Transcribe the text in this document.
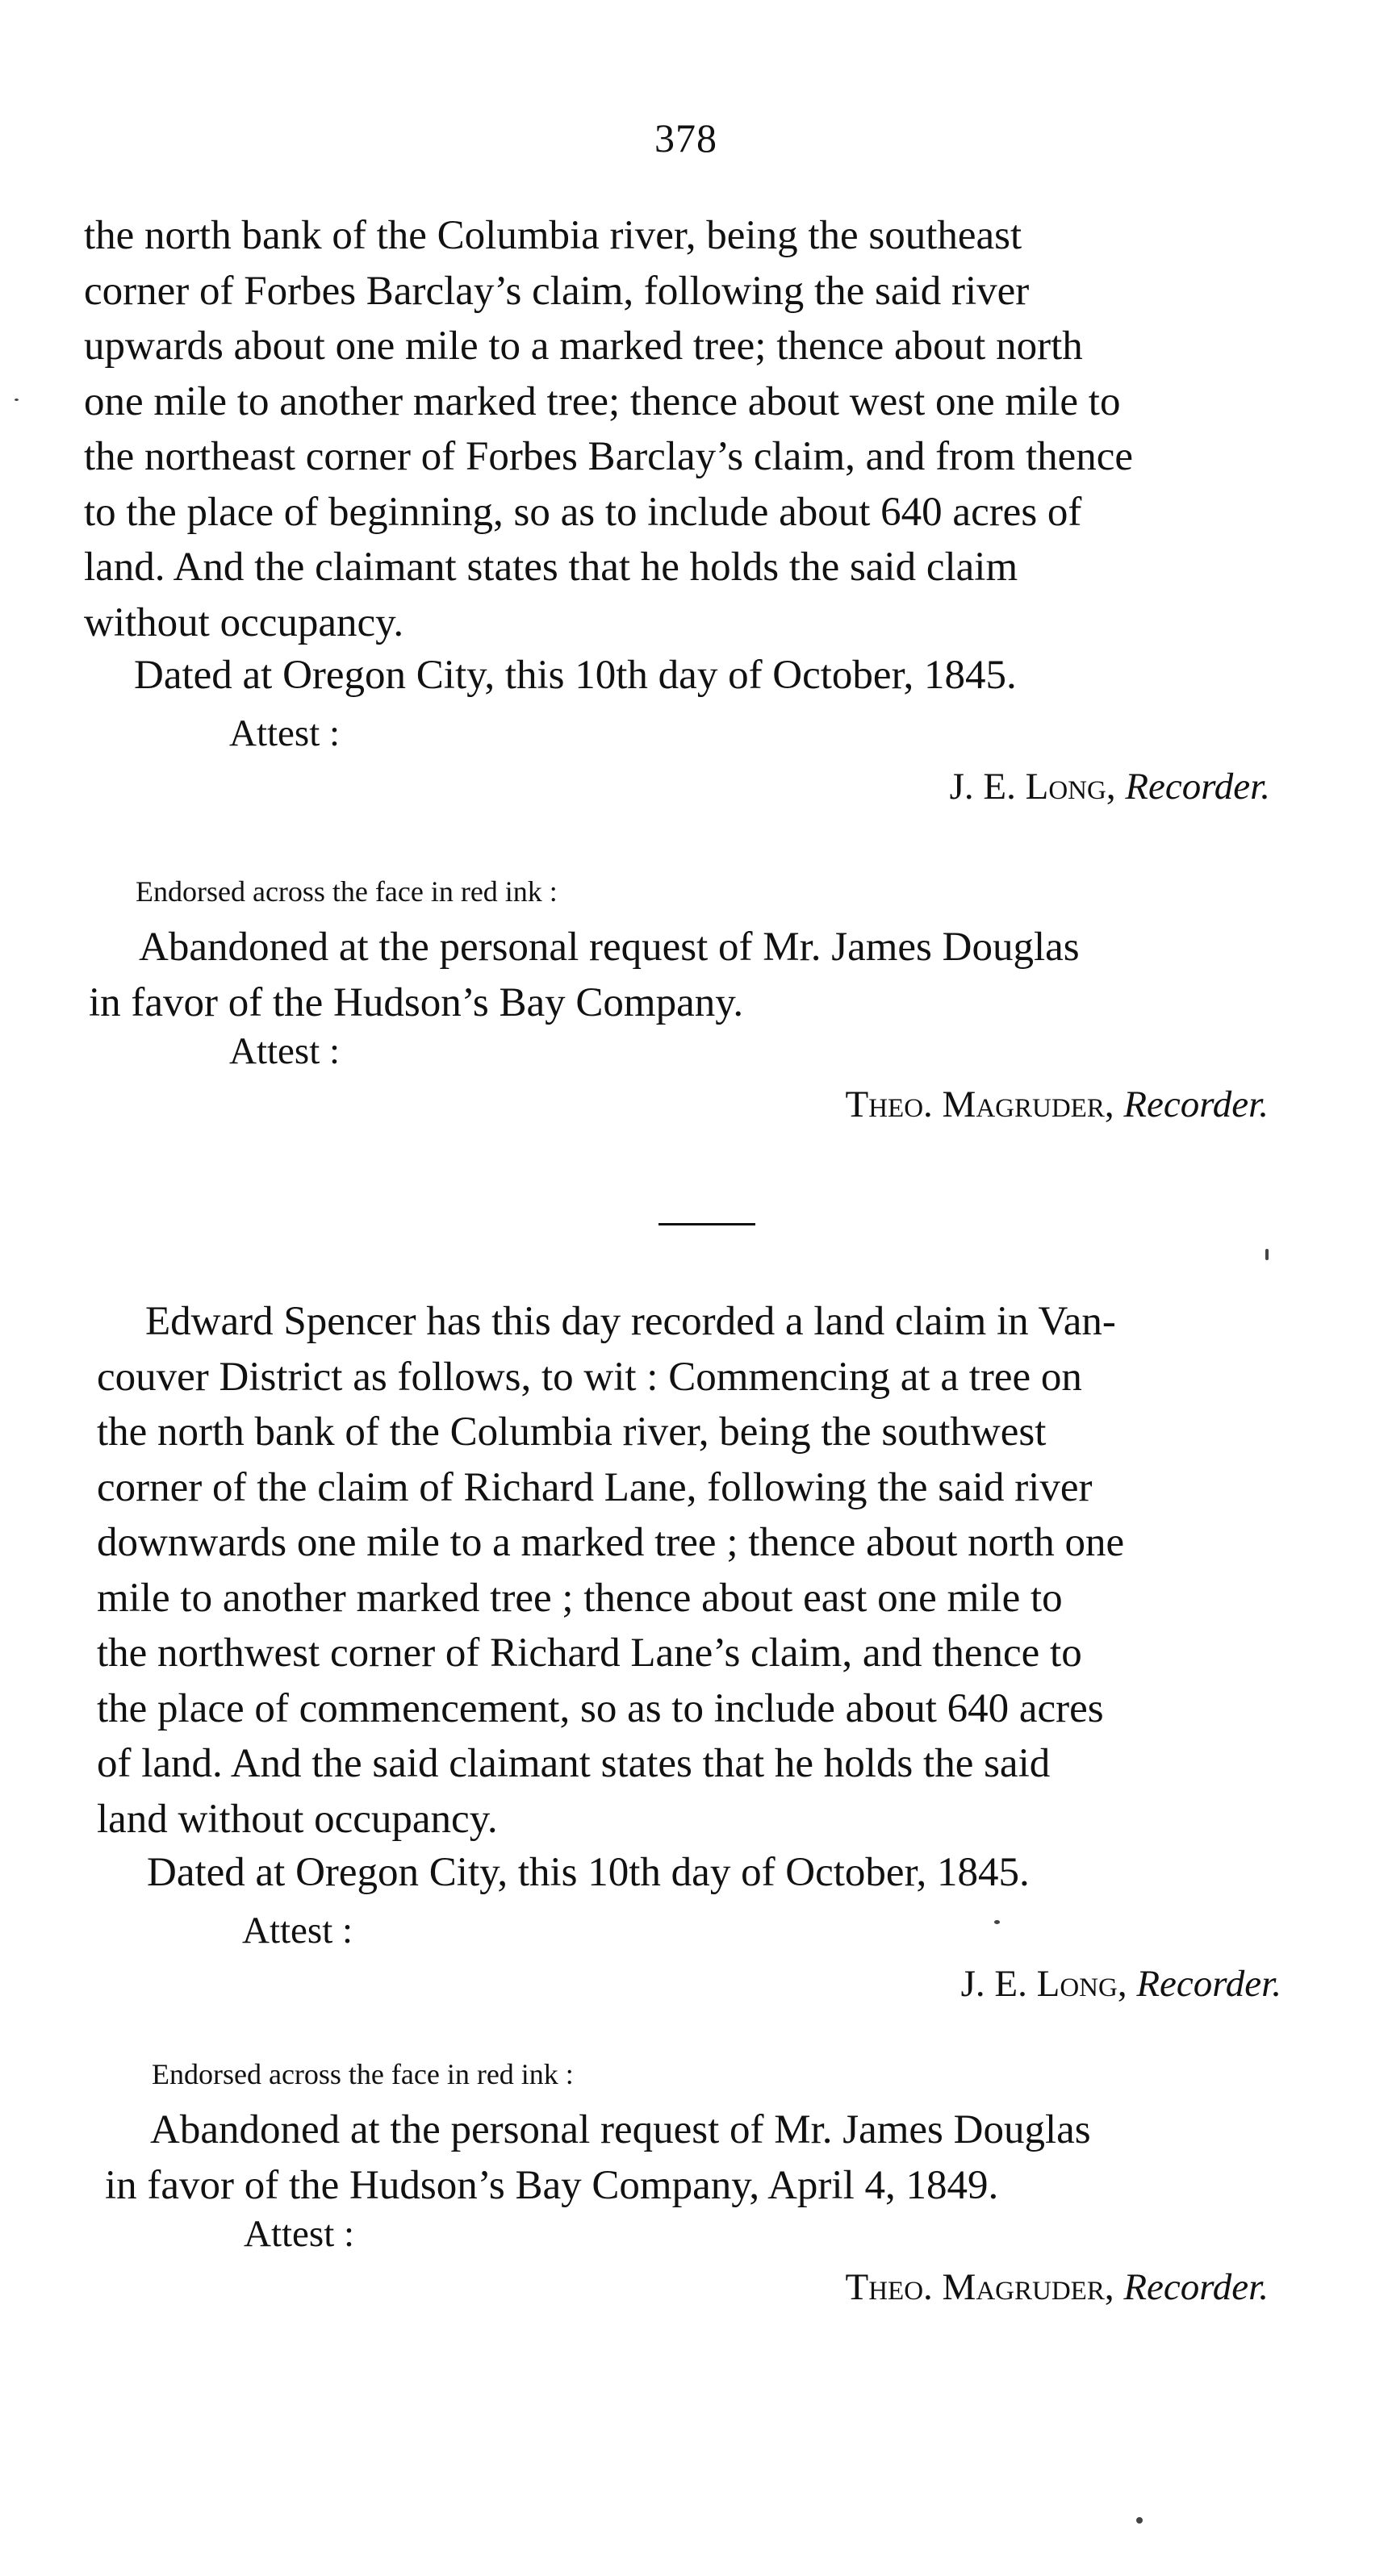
378
the north bank of the Columbia river, being the southeast
corner of Forbes Barclay’s claim, following the said river
upwards about one mile to a marked tree; thence about north
one mile to another marked tree; thence about west one mile to
the northeast corner of Forbes Barclay’s claim, and from thence
to the place of beginning, so as to include about 640 acres of
land. And the claimant states that he holds the said claim
without occupancy.
Dated at Oregon City, this 10th day of October, 1845.
Attest :
J. E. Long, Recorder.
Endorsed across the face in red ink :
Abandoned at the personal request of Mr. James Douglas
in favor of the Hudson’s Bay Company.
Attest :
Theo. Magruder, Recorder.
Edward Spencer has this day recorded a land claim in Van-
couver District as follows, to wit : Commencing at a tree on
the north bank of the Columbia river, being the southwest
corner of the claim of Richard Lane, following the said river
downwards one mile to a marked tree ; thence about north one
mile to another marked tree ; thence about east one mile to
the northwest corner of Richard Lane’s claim, and thence to
the place of commencement, so as to include about 640 acres
of land. And the said claimant states that he holds the said
land without occupancy.
Dated at Oregon City, this 10th day of October, 1845.
Attest :
J. E. Long, Recorder.
Endorsed across the face in red ink :
Abandoned at the personal request of Mr. James Douglas
in favor of the Hudson’s Bay Company, April 4, 1849.
Attest :
Theo. Magruder, Recorder.
